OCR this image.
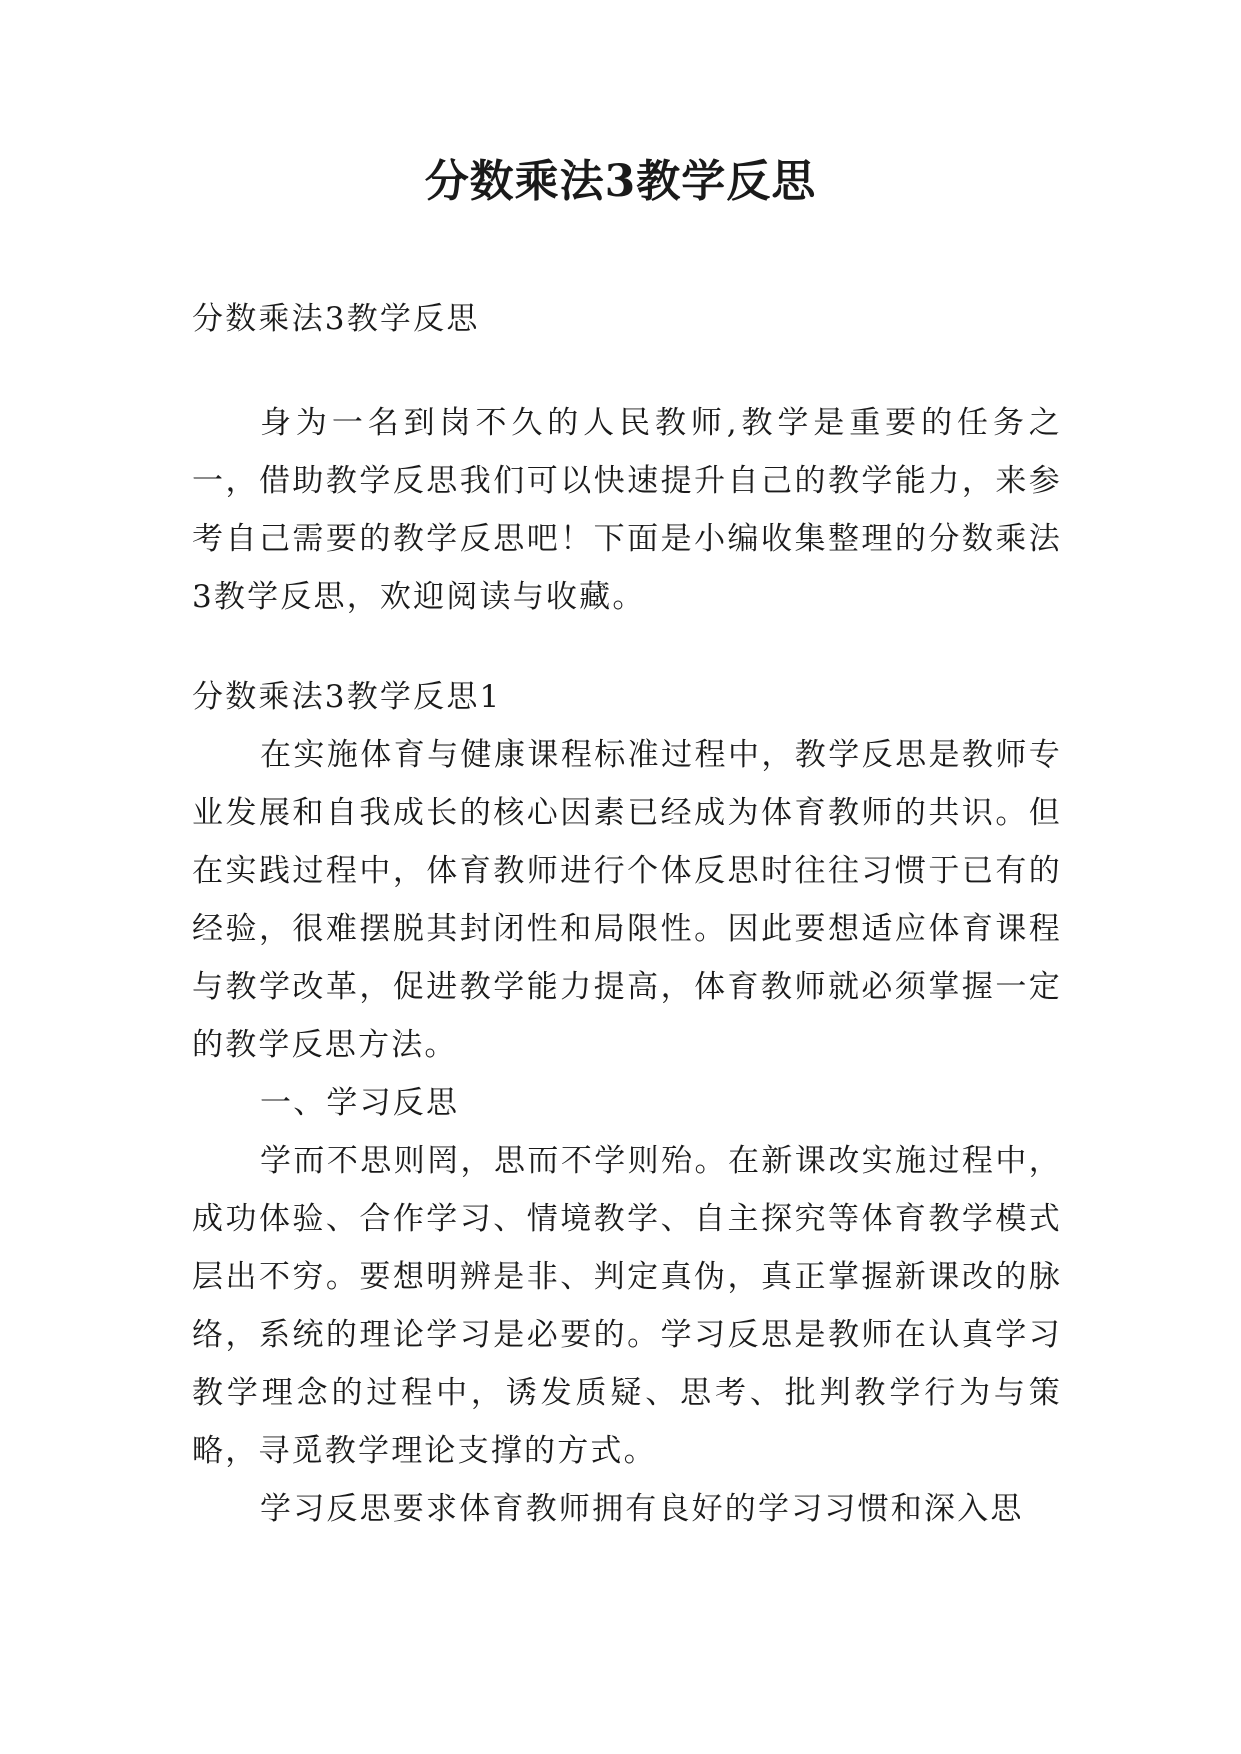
分数乘法3教学反思

分数乘法3教学反思

身为一名到岗不久的人民教师,教学是重要的任务之一，借助教学反思我们可以快速提升自己的教学能力，来参考自己需要的教学反思吧！下面是小编收集整理的分数乘法3教学反思，欢迎阅读与收藏。

分数乘法3教学反思1

在实施体育与健康课程标准过程中，教学反思是教师专业发展和自我成长的核心因素已经成为体育教师的共识。但在实践过程中，体育教师进行个体反思时往往习惯于已有的经验，很难摆脱其封闭性和局限性。因此要想适应体育课程与教学改革，促进教学能力提高，体育教师就必须掌握一定的教学反思方法。

一、学习反思

学而不思则罔，思而不学则殆。在新课改实施过程中，成功体验、合作学习、情境教学、自主探究等体育教学模式层出不穷。要想明辨是非、判定真伪，真正掌握新课改的脉络，系统的理论学习是必要的。学习反思是教师在认真学习教学理念的过程中，诱发质疑、思考、批判教学行为与策略，寻觅教学理论支撑的方式。

学习反思要求体育教师拥有良好的学习习惯和深入思
